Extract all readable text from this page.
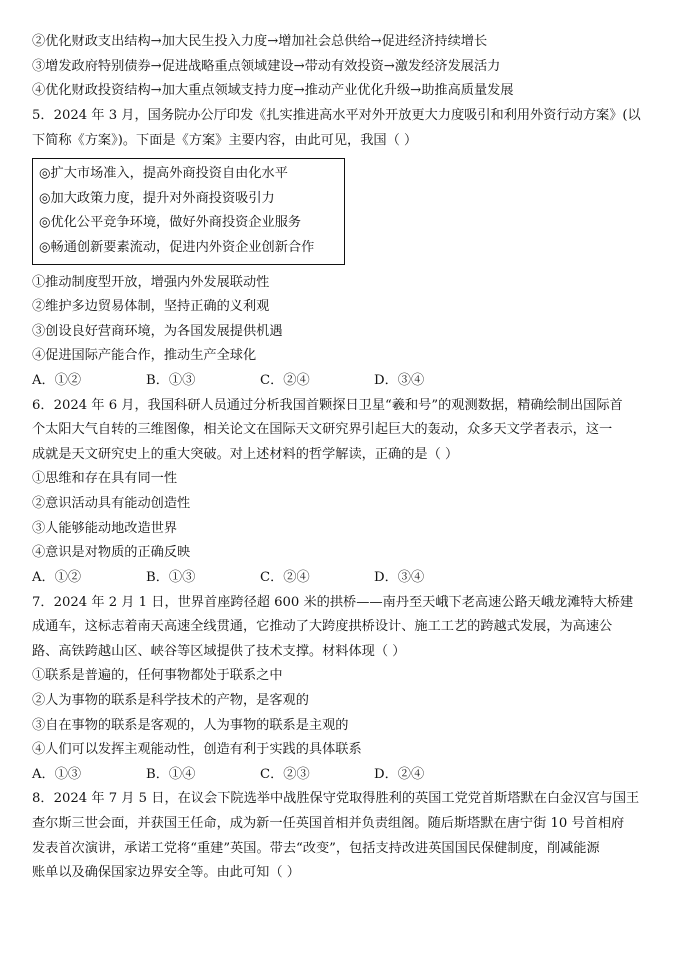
②优化财政支出结构→加大民生投入力度→增加社会总供给→促进经济持续增长
③增发政府特别债券→促进战略重点领域建设→带动有效投资→激发经济发展活力
④优化财政投资结构→加大重点领域支持力度→推动产业优化升级→助推高质量发展
5．2024 年 3 月，国务院办公厅印发《扎实推进高水平对外开放更大力度吸引和利用外资行动方案》(以
下简称《方案》)。下面是《方案》主要内容，由此可见，我国（ ）
◎扩大市场准入，提高外商投资自由化水平
◎加大政策力度，提升对外商投资吸引力
◎优化公平竞争环境，做好外商投资企业服务
◎畅通创新要素流动，促进内外资企业创新合作
①推动制度型开放，增强内外发展联动性
②维护多边贸易体制，坚持正确的义利观
③创设良好营商环境，为各国发展提供机遇
④促进国际产能合作，推动生产全球化
A．①②	B．①③	C．②④	D．③④
6．2024 年 6 月，我国科研人员通过分析我国首颗探日卫星“羲和号”的观测数据，精确绘制出国际首
个太阳大气自转的三维图像，相关论文在国际天文研究界引起巨大的轰动，众多天文学者表示，这一
成就是天文研究史上的重大突破。对上述材料的哲学解读，正确的是（ ）
①思维和存在具有同一性
②意识活动具有能动创造性
③人能够能动地改造世界
④意识是对物质的正确反映
A．①②	B．①③	C．②④	D．③④
7．2024 年 2 月 1 日，世界首座跨径超 600 米的拱桥——南丹至天峨下老高速公路天峨龙滩特大桥建
成通车，这标志着南天高速全线贯通，它推动了大跨度拱桥设计、施工工艺的跨越式发展，为高速公
路、高铁跨越山区、峡谷等区域提供了技术支撑。材料体现（ ）
①联系是普遍的，任何事物都处于联系之中
②人为事物的联系是科学技术的产物，是客观的
③自在事物的联系是客观的，人为事物的联系是主观的
④人们可以发挥主观能动性，创造有利于实践的具体联系
A．①③	B．①④	C．②③	D．②④
8．2024 年 7 月 5 日，在议会下院选举中战胜保守党取得胜利的英国工党党首斯塔默在白金汉宫与国王
查尔斯三世会面，并获国王任命，成为新一任英国首相并负责组阁。随后斯塔默在唐宁街 10 号首相府
发表首次演讲，承诺工党将“重建”英国。带去“改变”，包括支持改进英国国民保健制度，削减能源
账单以及确保国家边界安全等。由此可知（ ）
